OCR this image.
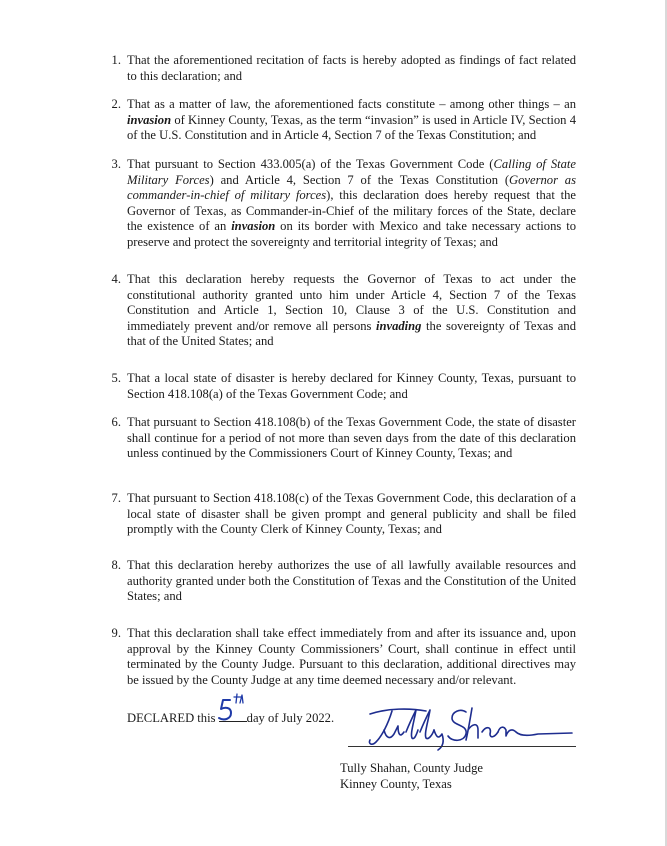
1. That the aforementioned recitation of facts is hereby adopted as findings of fact related to this declaration; and
2. That as a matter of law, the aforementioned facts constitute – among other things – an invasion of Kinney County, Texas, as the term “invasion” is used in Article IV, Section 4 of the U.S. Constitution and in Article 4, Section 7 of the Texas Constitution; and
3. That pursuant to Section 433.005(a) of the Texas Government Code (Calling of State Military Forces) and Article 4, Section 7 of the Texas Constitution (Governor as commander-in-chief of military forces), this declaration does hereby request that the Governor of Texas, as Commander-in-Chief of the military forces of the State, declare the existence of an invasion on its border with Mexico and take necessary actions to preserve and protect the sovereignty and territorial integrity of Texas; and
4. That this declaration hereby requests the Governor of Texas to act under the constitutional authority granted unto him under Article 4, Section 7 of the Texas Constitution and Article 1, Section 10, Clause 3 of the U.S. Constitution and immediately prevent and/or remove all persons invading the sovereignty of Texas and that of the United States; and
5. That a local state of disaster is hereby declared for Kinney County, Texas, pursuant to Section 418.108(a) of the Texas Government Code; and
6. That pursuant to Section 418.108(b) of the Texas Government Code, the state of disaster shall continue for a period of not more than seven days from the date of this declaration unless continued by the Commissioners Court of Kinney County, Texas; and
7. That pursuant to Section 418.108(c) of the Texas Government Code, this declaration of a local state of disaster shall be given prompt and general publicity and shall be filed promptly with the County Clerk of Kinney County, Texas; and
8. That this declaration hereby authorizes the use of all lawfully available resources and authority granted under both the Constitution of Texas and the Constitution of the United States; and
9. That this declaration shall take effect immediately from and after its issuance and, upon approval by the Kinney County Commissioners’ Court, shall continue in effect until terminated by the County Judge. Pursuant to this declaration, additional directives may be issued by the County Judge at any time deemed necessary and/or relevant.
DECLARED this
day of July 2022.
Tully Shahan, County Judge
Kinney County, Texas
